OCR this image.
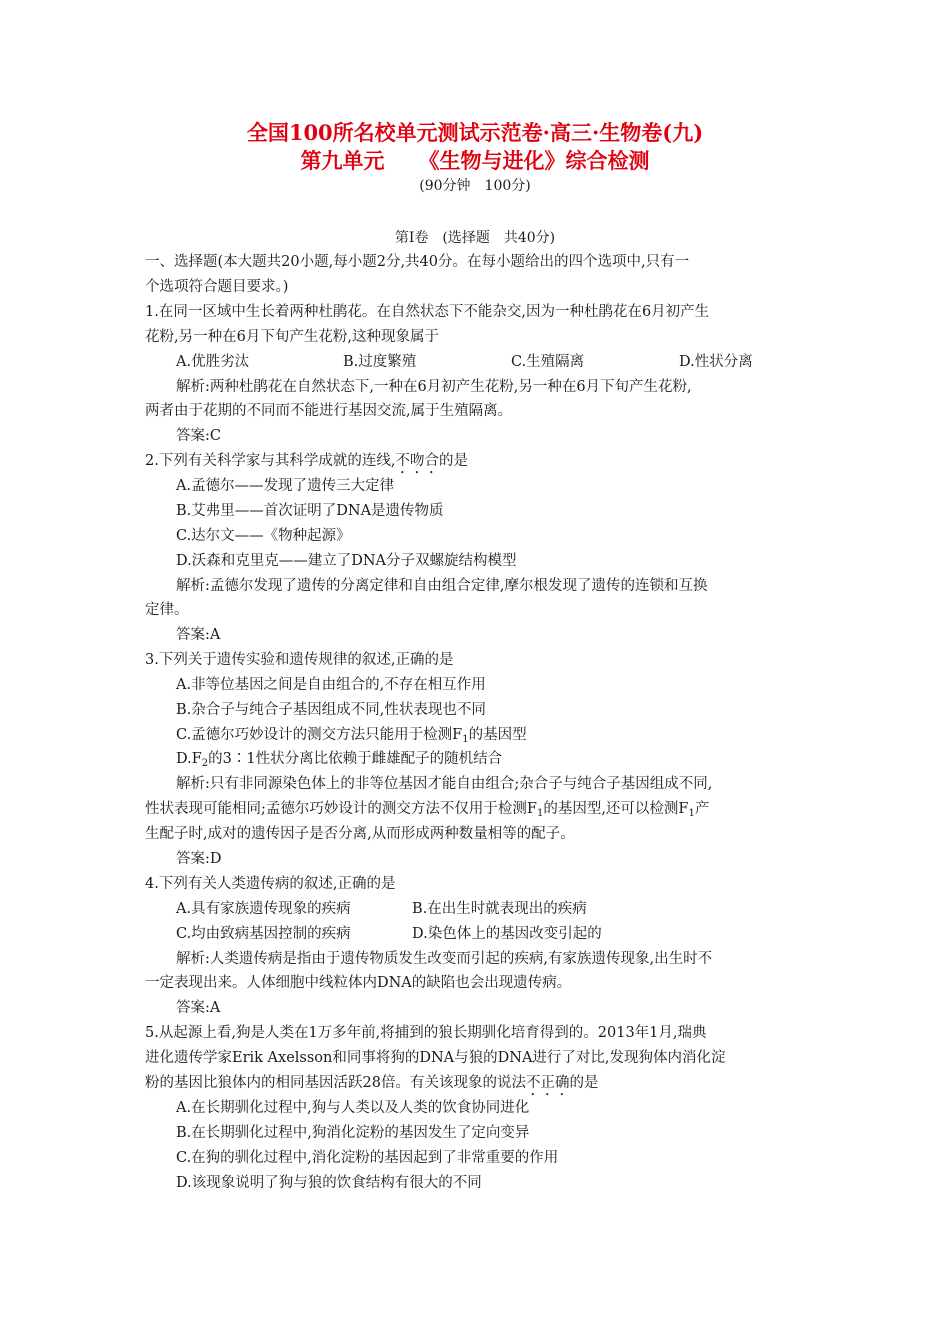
全国100所名校单元测试示范卷·高三·生物卷(九)
第九单元 《生物与进化》综合检测
(90分钟　100分)
第Ⅰ卷　(选择题　共40分)
一、选择题(本大题共20小题,每小题2分,共40分。在每小题给出的四个选项中,只有一
个选项符合题目要求。)
1.在同一区域中生长着两种杜鹃花。在自然状态下不能杂交,因为一种杜鹃花在6月初产生
花粉,另一种在6月下旬产生花粉,这种现象属于
A.优胜劣汰	B.过度繁殖	C.生殖隔离	D.性状分离
解析:两种杜鹃花在自然状态下,一种在6月初产生花粉,另一种在6月下旬产生花粉,
两者由于花期的不同而不能进行基因交流,属于生殖隔离。
答案:C
2.下列有关科学家与其科学成就的连线,不吻合的是
A.孟德尔——发现了遗传三大定律
B.艾弗里——首次证明了DNA是遗传物质
C.达尔文——《物种起源》
D.沃森和克里克——建立了DNA分子双螺旋结构模型
解析:孟德尔发现了遗传的分离定律和自由组合定律,摩尔根发现了遗传的连锁和互换
定律。
答案:A
3.下列关于遗传实验和遗传规律的叙述,正确的是
A.非等位基因之间是自由组合的,不存在相互作用
B.杂合子与纯合子基因组成不同,性状表现也不同
C.孟德尔巧妙设计的测交方法只能用于检测$F_1$的基因型
$D.F_2$的3∶1性状分离比依赖于雌雄配子的随机结合
解析:只有非同源染色体上的非等位基因才能自由组合;杂合子与纯合子基因组成不同,
性状表现可能相同;孟德尔巧妙设计的测交方法不仅用于检测$F_1$的基因型,还可以检测$F_1$产
生配子时,成对的遗传因子是否分离,从而形成两种数量相等的配子。
答案:D
4.下列有关人类遗传病的叙述,正确的是
A.具有家族遗传现象的疾病	B.在出生时就表现出的疾病
C.均由致病基因控制的疾病	D.染色体上的基因改变引起的
解析:人类遗传病是指由于遗传物质发生改变而引起的疾病,有家族遗传现象,出生时不
一定表现出来。人体细胞中线粒体内DNA的缺陷也会出现遗传病。
答案:A
5.从起源上看,狗是人类在1万多年前,将捕到的狼长期驯化培育得到的。2013年1月,瑞典
进化遗传学家Erik Axelsson和同事将狗的DNA与狼的DNA进行了对比,发现狗体内消化淀
粉的基因比狼体内的相同基因活跃28倍。有关该现象的说法不正确的是
A.在长期驯化过程中,狗与人类以及人类的饮食协同进化
B.在长期驯化过程中,狗消化淀粉的基因发生了定向变异
C.在狗的驯化过程中,消化淀粉的基因起到了非常重要的作用
D.该现象说明了狗与狼的饮食结构有很大的不同
